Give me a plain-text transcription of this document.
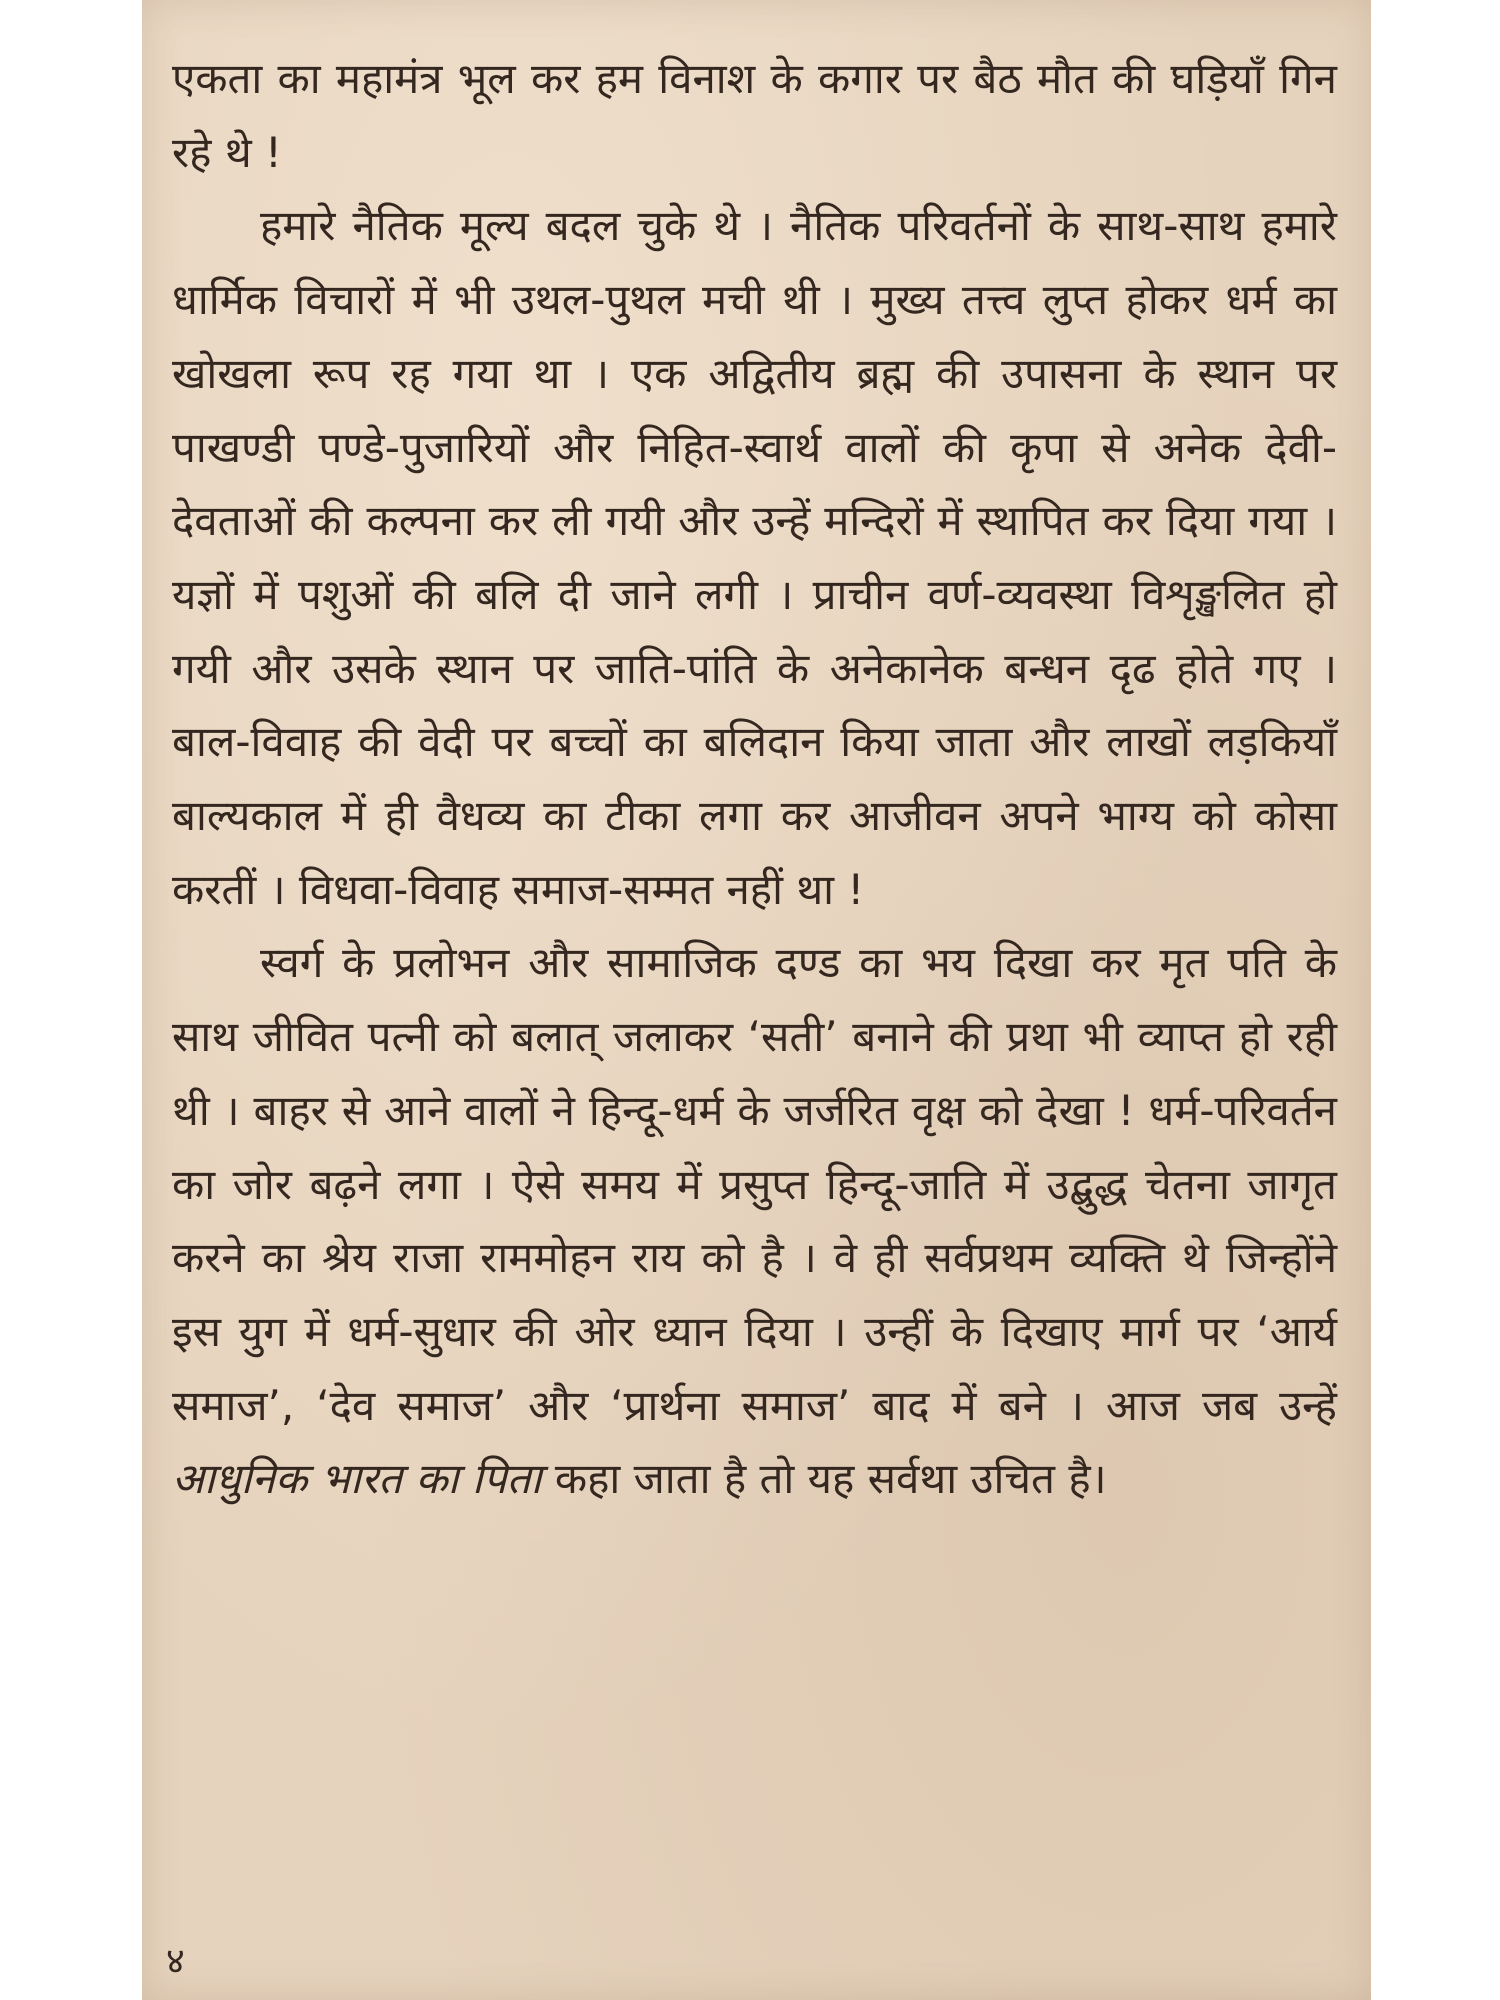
एकता का महामंत्र भूल कर हम विनाश के कगार पर बैठ मौत की घड़ियाँ गिन रहे थे !

हमारे नैतिक मूल्य बदल चुके थे । नैतिक परिवर्तनों के साथ-साथ हमारे धार्मिक विचारों में भी उथल-पुथल मची थी । मुख्य तत्त्व लुप्त होकर धर्म का खोखला रूप रह गया था । एक अद्वितीय ब्रह्म की उपासना के स्थान पर पाखण्डी पण्डे-पुजारियों और निहित-स्वार्थ वालों की कृपा से अनेक देवी-देवताओं की कल्पना कर ली गयी और उन्हें मन्दिरों में स्थापित कर दिया गया । यज्ञों में पशुओं की बलि दी जाने लगी । प्राचीन वर्ण-व्यवस्था विशृङ्खलित हो गयी और उसके स्थान पर जाति-पांति के अनेकानेक बन्धन दृढ होते गए । बाल-विवाह की वेदी पर बच्चों का बलिदान किया जाता और लाखों लड़कियाँ बाल्यकाल में ही वैधव्य का टीका लगा कर आजीवन अपने भाग्य को कोसा करतीं । विधवा-विवाह समाज-सम्मत नहीं था !

स्वर्ग के प्रलोभन और सामाजिक दण्ड का भय दिखा कर मृत पति के साथ जीवित पत्नी को बलात् जलाकर ‘सती’ बनाने की प्रथा भी व्याप्त हो रही थी । बाहर से आने वालों ने हिन्दू-धर्म के जर्जरित वृक्ष को देखा ! धर्म-परिवर्तन का जोर बढ़ने लगा । ऐसे समय में प्रसुप्त हिन्दू-जाति में उद्बुद्ध चेतना जागृत करने का श्रेय राजा राममोहन राय को है । वे ही सर्वप्रथम व्यक्ति थे जिन्होंने इस युग में धर्म-सुधार की ओर ध्यान दिया । उन्हीं के दिखाए मार्ग पर ‘आर्य समाज’, ‘देव समाज’ और ‘प्रार्थना समाज’ बाद में बने । आज जब उन्हें आधुनिक भारत का पिता कहा जाता है तो यह सर्वथा उचित है।

४
